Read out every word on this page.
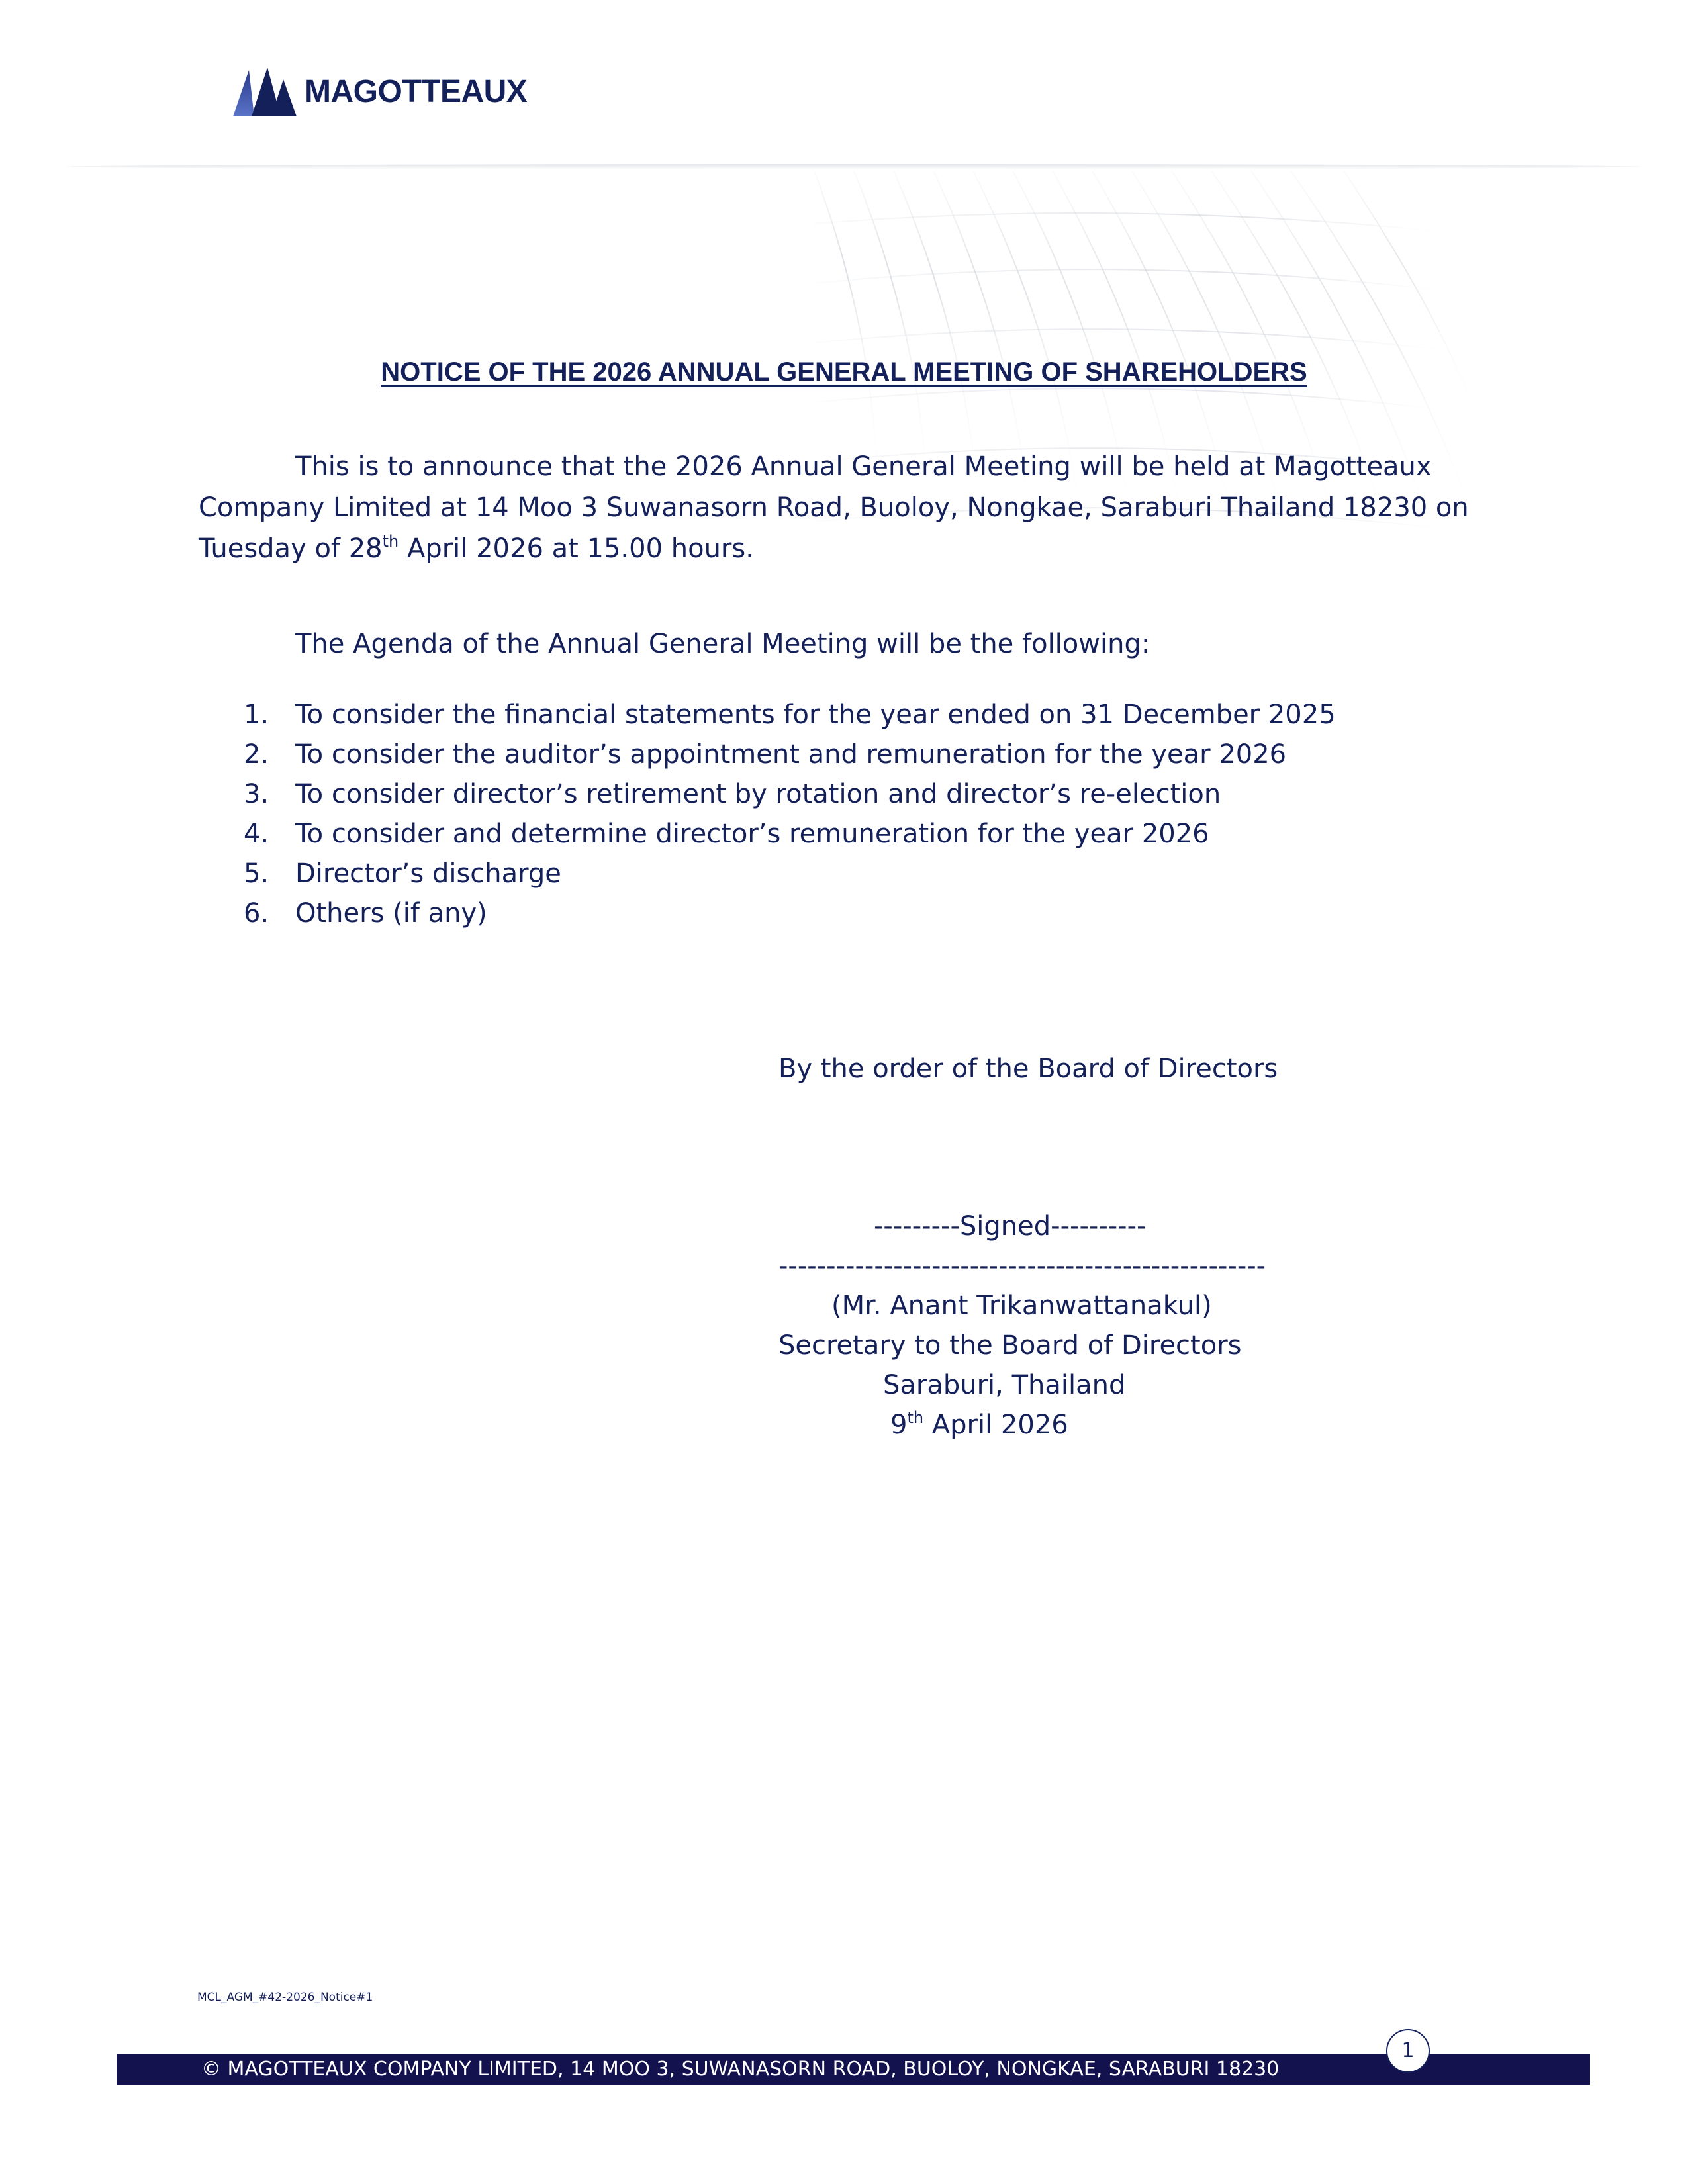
MAGOTTEAUX
NOTICE OF THE 2026 ANNUAL GENERAL MEETING OF SHAREHOLDERS
This is to announce that the 2026 Annual General Meeting will be held at Magotteaux
Company Limited at 14 Moo 3 Suwanasorn Road, Buoloy, Nongkae, Saraburi Thailand 18230 on
Tuesday of 28th April 2026 at 15.00 hours.
The Agenda of the Annual General Meeting will be the following:
1. To consider the financial statements for the year ended on 31 December 2025
2. To consider the auditor’s appointment and remuneration for the year 2026
3. To consider director’s retirement by rotation and director’s re-election
4. To consider and determine director’s remuneration for the year 2026
5. Director’s discharge
6. Others (if any)
By the order of the Board of Directors
---------Signed----------
---------------------------------------------------
(Mr. Anant Trikanwattanakul)
Secretary to the Board of Directors
Saraburi, Thailand
9th April 2026
MCL_AGM_#42-2026_Notice#1
© MAGOTTEAUX COMPANY LIMITED, 14 MOO 3, SUWANASORN ROAD, BUOLOY, NONGKAE, SARABURI 18230
1
